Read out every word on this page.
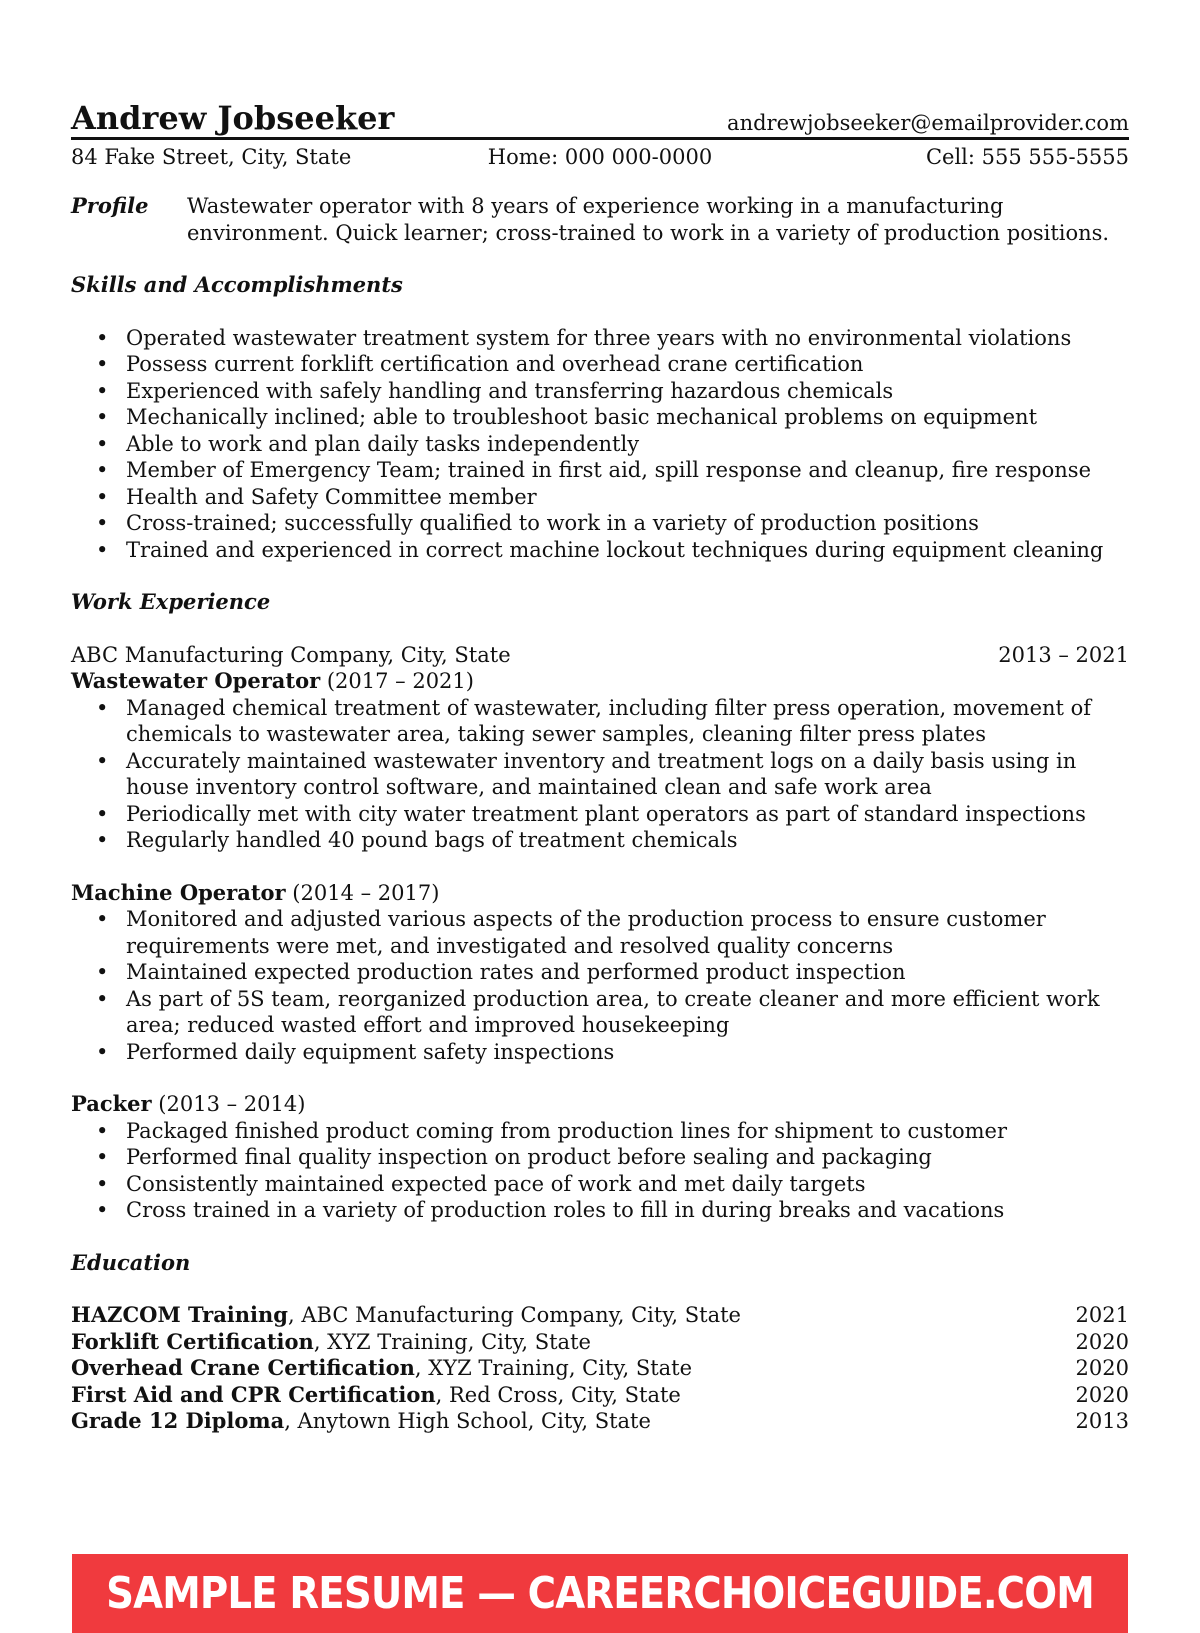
Andrew Jobseeker	andrewjobseeker@emailprovider.com
84 Fake Street, City, State	Home: 000 000-0000	Cell: 555 555-5555
Profile	Wastewater operator with 8 years of experience working in a manufacturing environment. Quick learner; cross-trained to work in a variety of production positions.
Skills and Accomplishments
• Operated wastewater treatment system for three years with no environmental violations
• Possess current forklift certification and overhead crane certification
• Experienced with safely handling and transferring hazardous chemicals
• Mechanically inclined; able to troubleshoot basic mechanical problems on equipment
• Able to work and plan daily tasks independently
• Member of Emergency Team; trained in first aid, spill response and cleanup, fire response
• Health and Safety Committee member
• Cross-trained; successfully qualified to work in a variety of production positions
• Trained and experienced in correct machine lockout techniques during equipment cleaning
Work Experience
ABC Manufacturing Company, City, State	2013 – 2021
Wastewater Operator (2017 – 2021)
• Managed chemical treatment of wastewater, including filter press operation, movement of chemicals to wastewater area, taking sewer samples, cleaning filter press plates
• Accurately maintained wastewater inventory and treatment logs on a daily basis using in house inventory control software, and maintained clean and safe work area
• Periodically met with city water treatment plant operators as part of standard inspections
• Regularly handled 40 pound bags of treatment chemicals
Machine Operator (2014 – 2017)
• Monitored and adjusted various aspects of the production process to ensure customer requirements were met, and investigated and resolved quality concerns
• Maintained expected production rates and performed product inspection
• As part of 5S team, reorganized production area, to create cleaner and more efficient work area; reduced wasted effort and improved housekeeping
• Performed daily equipment safety inspections
Packer (2013 – 2014)
• Packaged finished product coming from production lines for shipment to customer
• Performed final quality inspection on product before sealing and packaging
• Consistently maintained expected pace of work and met daily targets
• Cross trained in a variety of production roles to fill in during breaks and vacations
Education
HAZCOM Training, ABC Manufacturing Company, City, State	2021
Forklift Certification, XYZ Training, City, State	2020
Overhead Crane Certification, XYZ Training, City, State	2020
First Aid and CPR Certification, Red Cross, City, State	2020
Grade 12 Diploma, Anytown High School, City, State	2013
SAMPLE RESUME — CAREERCHOICEGUIDE.COM
